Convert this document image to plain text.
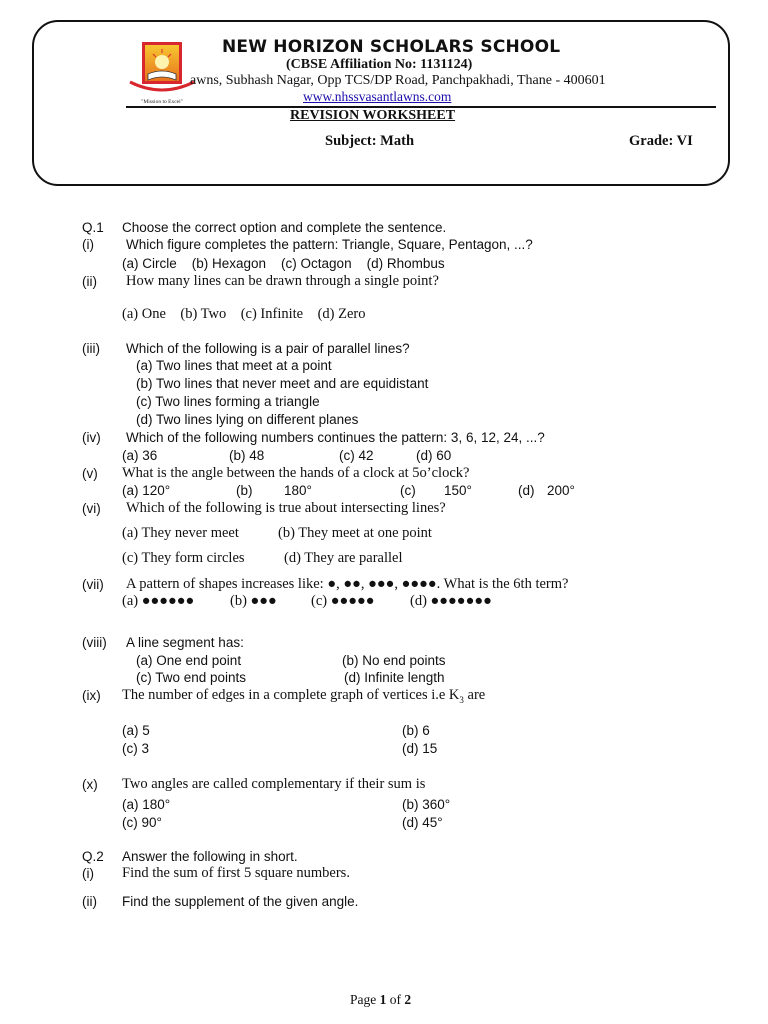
"Mission to Excel"
NEW HORIZON SCHOLARS SCHOOL
(CBSE Affiliation No: 1131124)
awns, Subhash Nagar, Opp TCS/DP Road, Panchpakhadi, Thane - 400601
www.nhssvasantlawns.com
REVISION WORKSHEET
Subject: Math	Grade: VI
Q.1 Choose the correct option and complete the sentence.
(i) Which figure completes the pattern: Triangle, Square, Pentagon, ...?
(a) Circle    (b) Hexagon    (c) Octagon    (d) Rhombus
(ii) How many lines can be drawn through a single point?
(a) One    (b) Two    (c) Infinite    (d) Zero
(iii) Which of the following is a pair of parallel lines?
(a) Two lines that meet at a point
(b) Two lines that never meet and are equidistant
(c) Two lines forming a triangle
(d) Two lines lying on different planes
(iv) Which of the following numbers continues the pattern: 3, 6, 12, 24, ...?
(a) 36	(b) 48	(c) 42	(d) 60
(v) What is the angle between the hands of a clock at 5o’clock?
(a) 120°	(b) 180°	(c) 150°	(d) 200°
(vi) Which of the following is true about intersecting lines?
(a) They never meet	(b) They meet at one point
(c) They form circles	(d) They are parallel
(vii) A pattern of shapes increases like: ●, ●●, ●●●, ●●●●. What is the 6th term?
(a) ●●●●●● (b) ●●● (c) ●●●●● (d) ●●●●●●●
(viii) A line segment has:
(a) One end point	(b) No end points
(c) Two end points	(d) Infinite length
(ix) The number of edges in a complete graph of vertices i.e $K_3$ are
(a) 5	(b) 6
(c) 3	(d) 15
(x) Two angles are called complementary if their sum is
(a) 180°	(b) 360°
(c) 90°	(d) 45°
Q.2 Answer the following in short.
(i) Find the sum of first 5 square numbers.
(ii) Find the supplement of the given angle.
Page 1 of 2
